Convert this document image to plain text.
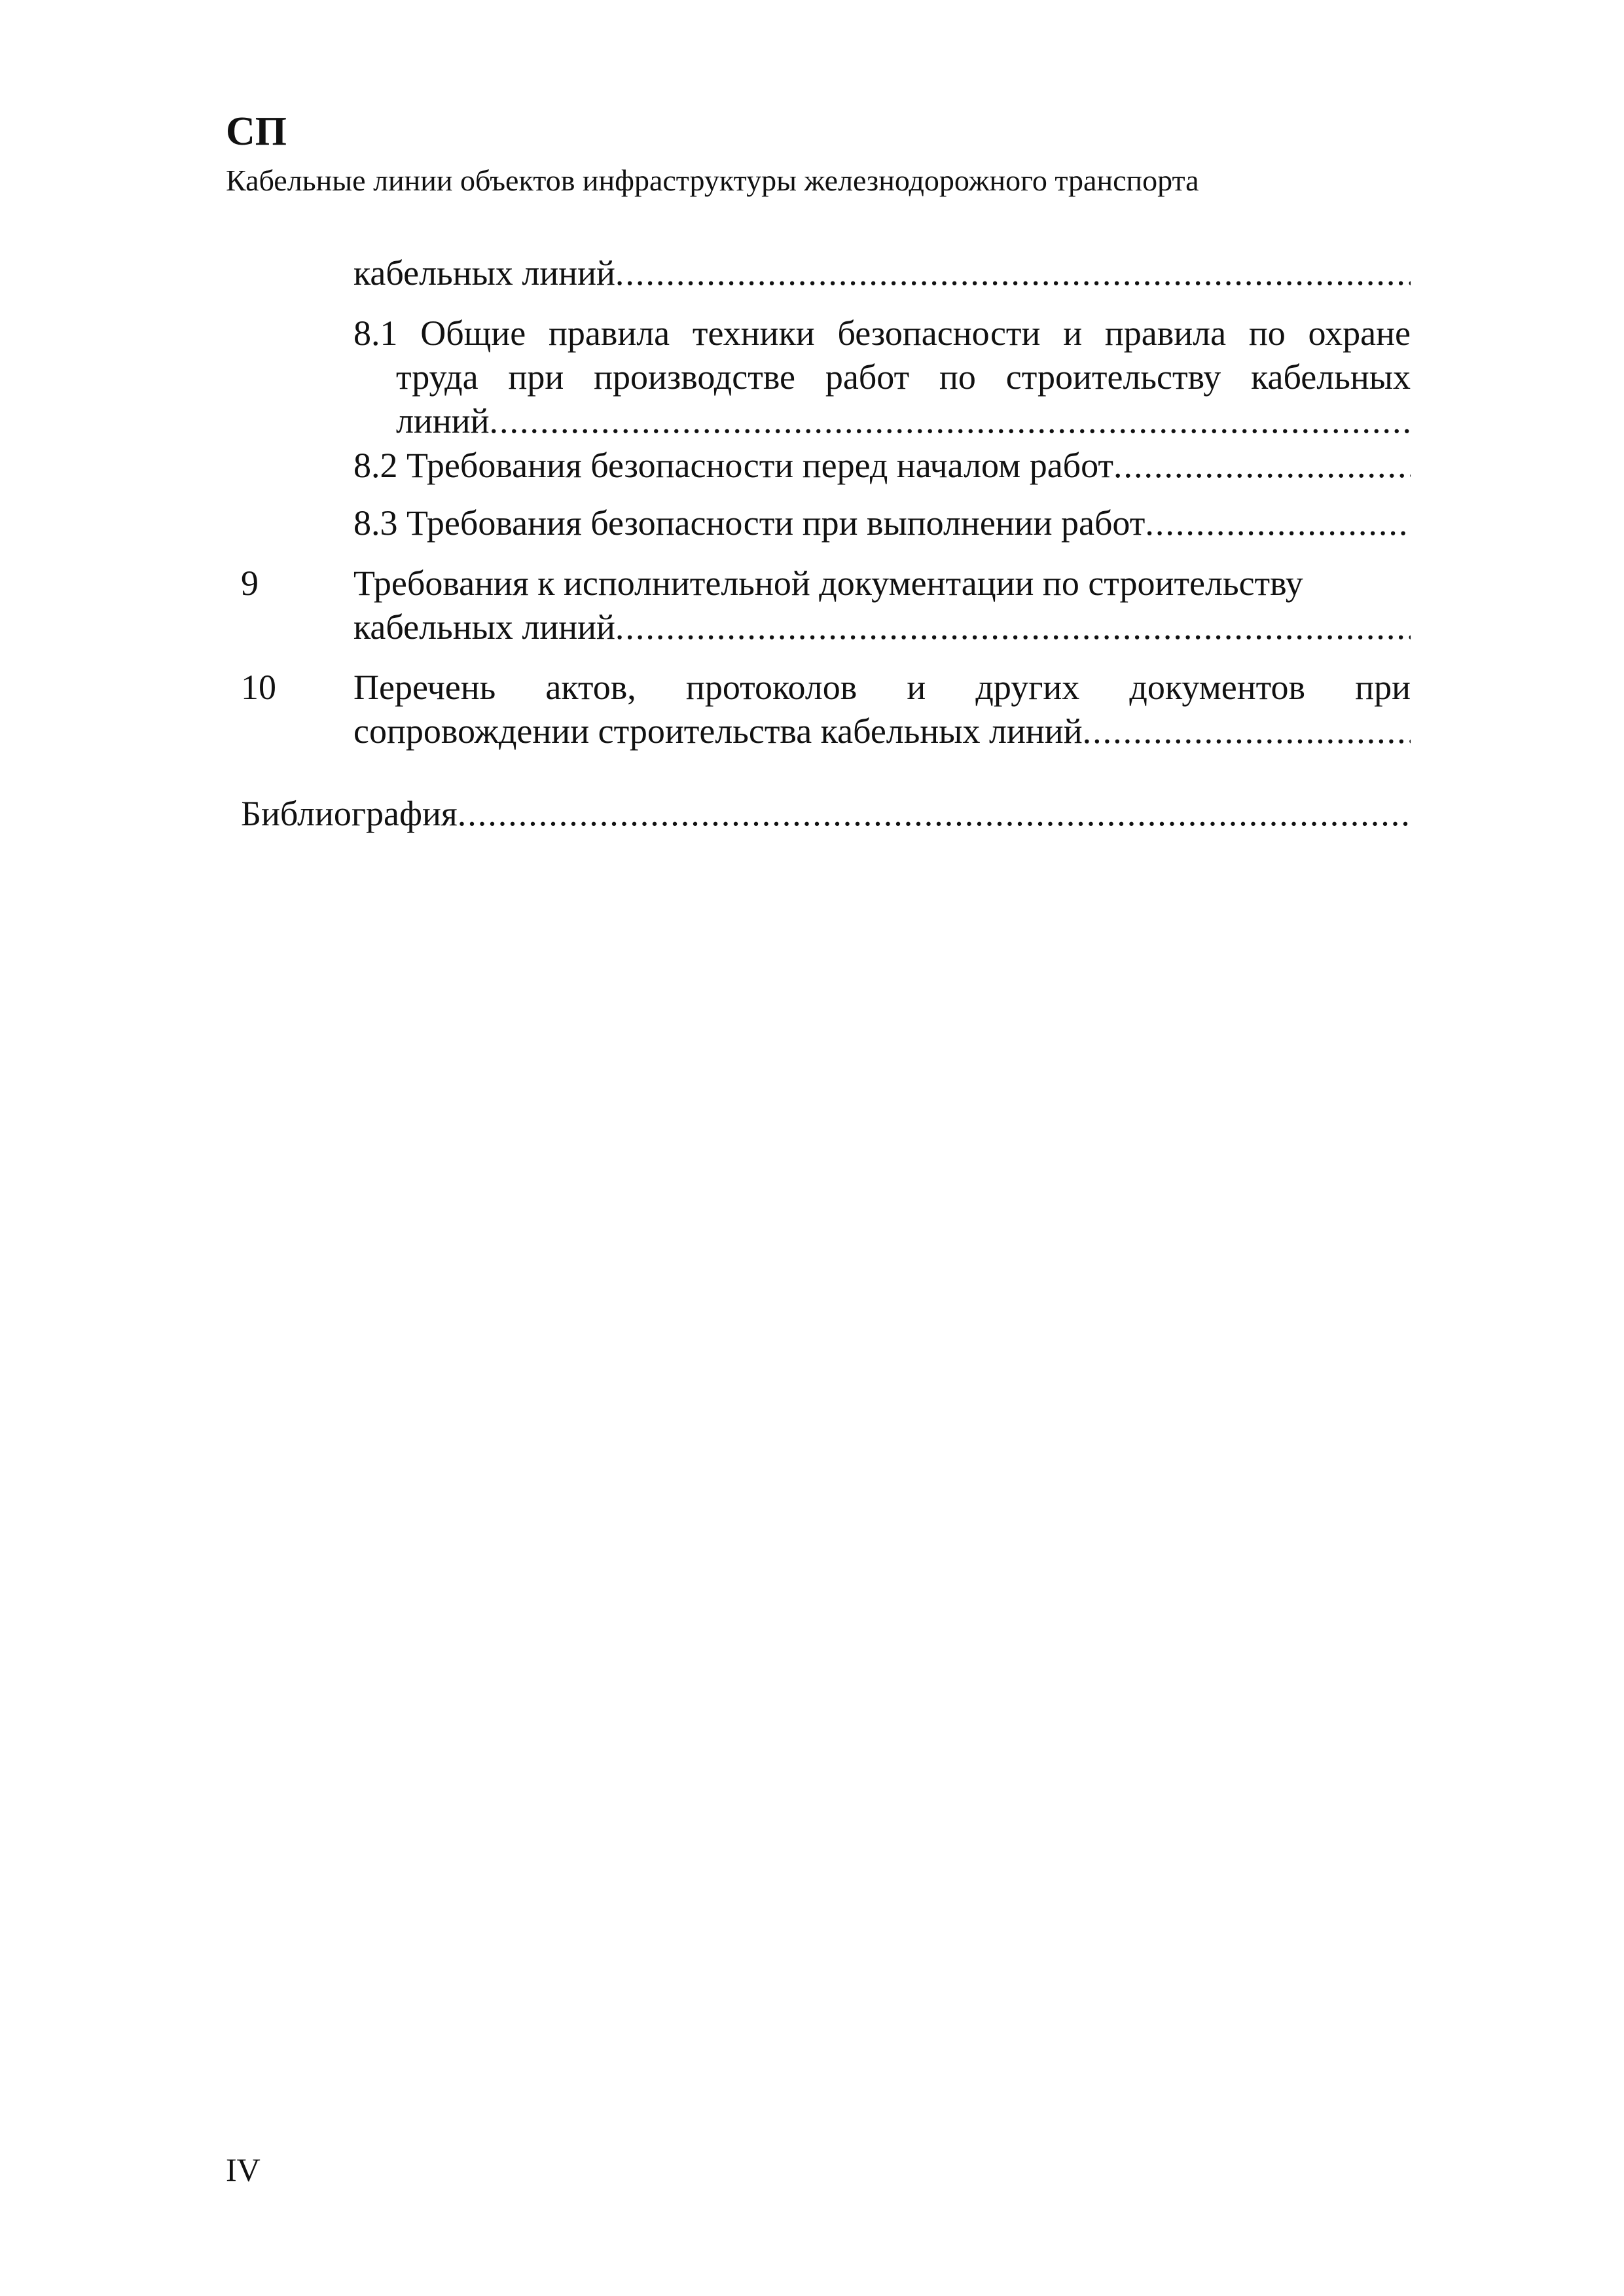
СП
Кабельные линии объектов инфраструктуры железнодорожного транспорта
кабельных линий
.....
8.1 Общие правила техники безопасности и правила по охране
труда при производстве работ по строительству кабельных
линий
.....
8.2 Требования безопасности перед началом работ
.....
8.3 Требования безопасности при выполнении работ
.....
9	Требования к исполнительной документации по строительству
кабельных линий
.....
10 Перечень актов, протоколов и других документов при
сопровождении строительства кабельных линий
.....
Библиография
.....
IV
